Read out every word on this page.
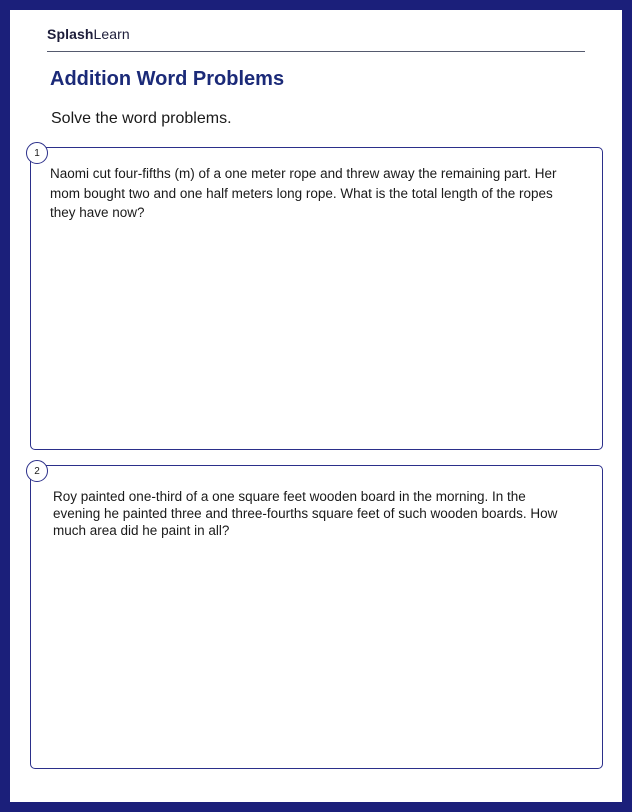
SplashLearn
Addition Word Problems
Solve the word problems.
1
Naomi cut four-fifths (m) of a one meter rope and threw away the remaining part. Her mom bought two and one half meters long rope. What is the total length of the ropes they have now?
2
Roy painted one-third of a one square feet wooden board in the morning. In the evening he painted three and three-fourths square feet of such wooden boards. How much area did he paint in all?
